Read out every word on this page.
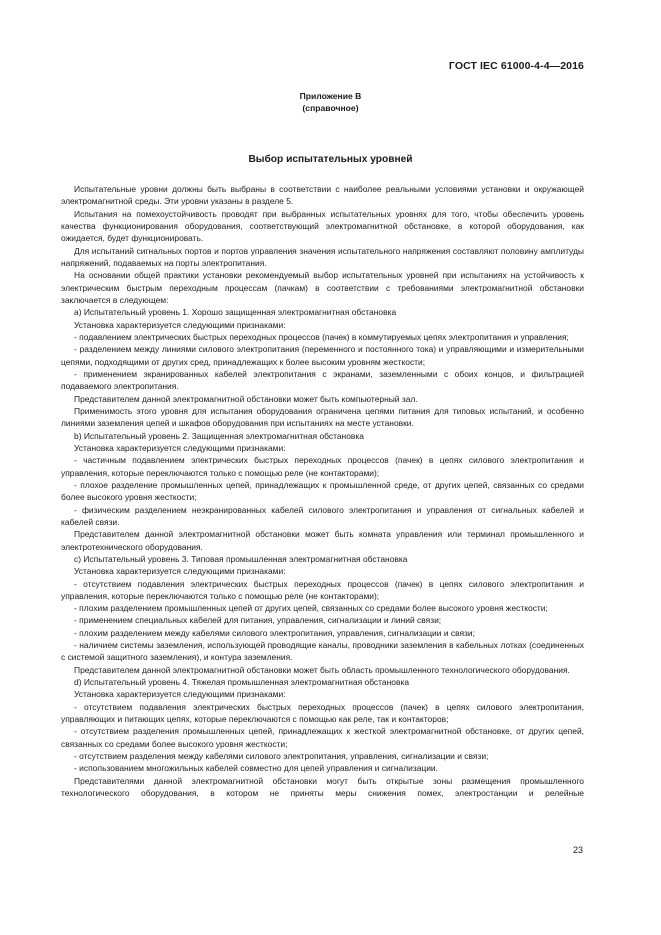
ГОСТ IEC 61000-4-4—2016
Приложение В
(справочное)
Выбор испытательных уровней

Испытательные уровни должны быть выбраны в соответствии с наиболее реальными условиями установки и окружающей электромагнитной среды. Эти уровни указаны в разделе 5.

Испытания на помехоустойчивость проводят при выбранных испытательных уровнях для того, чтобы обеспечить уровень качества функционирования оборудования, соответствующий электромагнитной обстановке, в которой оборудования, как ожидается, будет функционировать.

Для испытаний сигнальных портов и портов управления значения испытательного напряжения составляют половину амплитуды напряжений, подаваемых на порты электропитания.

На основании общей практики установки рекомендуемый выбор испытательных уровней при испытаниях на устойчивость к электрическим быстрым переходным процессам (пачкам) в соответствии с требованиями электромагнитной обстановки заключается в следующем:

a) Испытательный уровень 1. Хорошо защищенная электромагнитная обстановка

Установка характеризуется следующими признаками:

- подавлением электрических быстрых переходных процессов (пачек) в коммутируемых цепях электропитания и управления;

- разделением между линиями силового электропитания (переменного и постоянного тока) и управляющими и измерительными цепями, подходящими от других сред, принадлежащих к более высоким уровням жесткости;

- применением экранированных кабелей электропитания с экранами, заземленными с обоих концов, и фильтрацией подаваемого электропитания.

Представителем данной электромагнитной обстановки может быть компьютерный зал.

Применимость этого уровня для испытания оборудования ограничена цепями питания для типовых испытаний, и особенно линиями заземления цепей и шкафов оборудования при испытаниях на месте установки.

b) Испытательный уровень 2. Защищенная электромагнитная обстановка

Установка характеризуется следующими признаками:

- частичным подавлением электрических быстрых переходных процессов (пачек) в цепях силового электропитания и управления, которые переключаются только с помощью реле (не контакторами);

- плохое разделение промышленных цепей, принадлежащих к промышленной среде, от других цепей, связанных со средами более высокого уровня жесткости;

- физическим разделением неэкранированных кабелей силового электропитания и управления от сигнальных кабелей и кабелей связи.

Представителем данной электромагнитной обстановки может быть комната управления или терминал промышленного и электротехнического оборудования.

c) Испытательный уровень 3. Типовая промышленная электромагнитная обстановка

Установка характеризуется следующими признаками:

- отсутствием подавления электрических быстрых переходных процессов (пачек) в цепях силового электропитания и управления, которые переключаются только с помощью реле (не контакторами);

- плохим разделением промышленных цепей от других цепей, связанных со средами более высокого уровня жесткости;

- применением специальных кабелей для питания, управления, сигнализации и линий связи;

- плохим разделением между кабелями силового электропитания, управления, сигнализации и связи;

- наличием системы заземления, использующей проводящие каналы, проводники заземления в кабельных лотках (соединенных с системой защитного заземления), и контура заземления.

Представителем данной электромагнитной обстановки может быть область промышленного технологического оборудования.

d) Испытательный уровень 4. Тяжелая промышленная электромагнитная обстановка

Установка характеризуется следующими признаками:

- отсутствием подавления электрических быстрых переходных процессов (пачек) в цепях силового электропитания, управляющих и питающих цепях, которые переключаются с помощью как реле, так и контакторов;

- отсутствием разделения промышленных цепей, принадлежащих к жесткой электромагнитной обстановке, от других цепей, связанных со средами более высокого уровня жесткости;

- отсутствием разделения между кабелями силового электропитания, управления, сигнализации и связи;

- использованием многожильных кабелей совместно для цепей управления и сигнализации.

Представителями данной электромагнитной обстановки могут быть открытые зоны размещения промышленного технологического оборудования, в котором не приняты меры снижения помех, электростанции и релейные

23
